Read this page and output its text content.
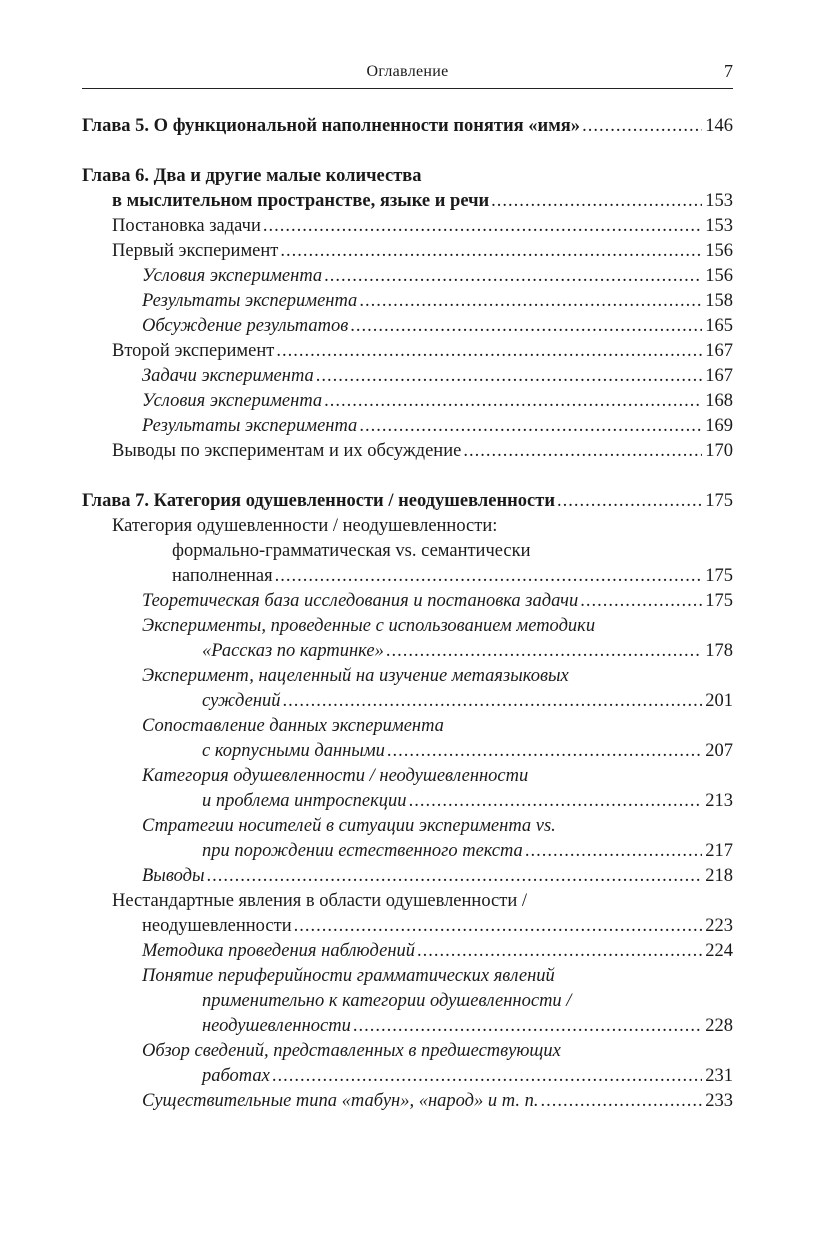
Оглавление	7
Глава 5. О функциональной наполненности понятия «имя» .....	146
Глава 6. Два и другие малые количества
в мыслительном пространстве, языке и речи .....	153
Постановка задачи .....	153
Первый эксперимент .....	156
Условия эксперимента .....	156
Результаты эксперимента .....	158
Обсуждение результатов .....	165
Второй эксперимент .....	167
Задачи эксперимента .....	167
Условия эксперимента .....	168
Результаты эксперимента .....	169
Выводы по экспериментам и их обсуждение .....	170
Глава 7. Категория одушевленности / неодушевленности .....	175
Категория одушевленности / неодушевленности:
формально-грамматическая vs. семантически
наполненная .....	175
Теоретическая база исследования и постановка задачи .....	175
Эксперименты, проведенные с использованием методики
«Рассказ по картинке» .....	178
Эксперимент, нацеленный на изучение метаязыковых
суждений .....	201
Сопоставление данных эксперимента
с корпусными данными .....	207
Категория одушевленности / неодушевленности
и проблема интроспекции .....	213
Стратегии носителей в ситуации эксперимента vs.
при порождении естественного текста .....	217
Выводы .....	218
Нестандартные явления в области одушевленности /
неодушевленности .....	223
Методика проведения наблюдений .....	224
Понятие периферийности грамматических явлений
применительно к категории одушевленности /
неодушевленности .....	228
Обзор сведений, представленных в предшествующих
работах .....	231
Существительные типа «табун», «народ» и т. п. .....	233
